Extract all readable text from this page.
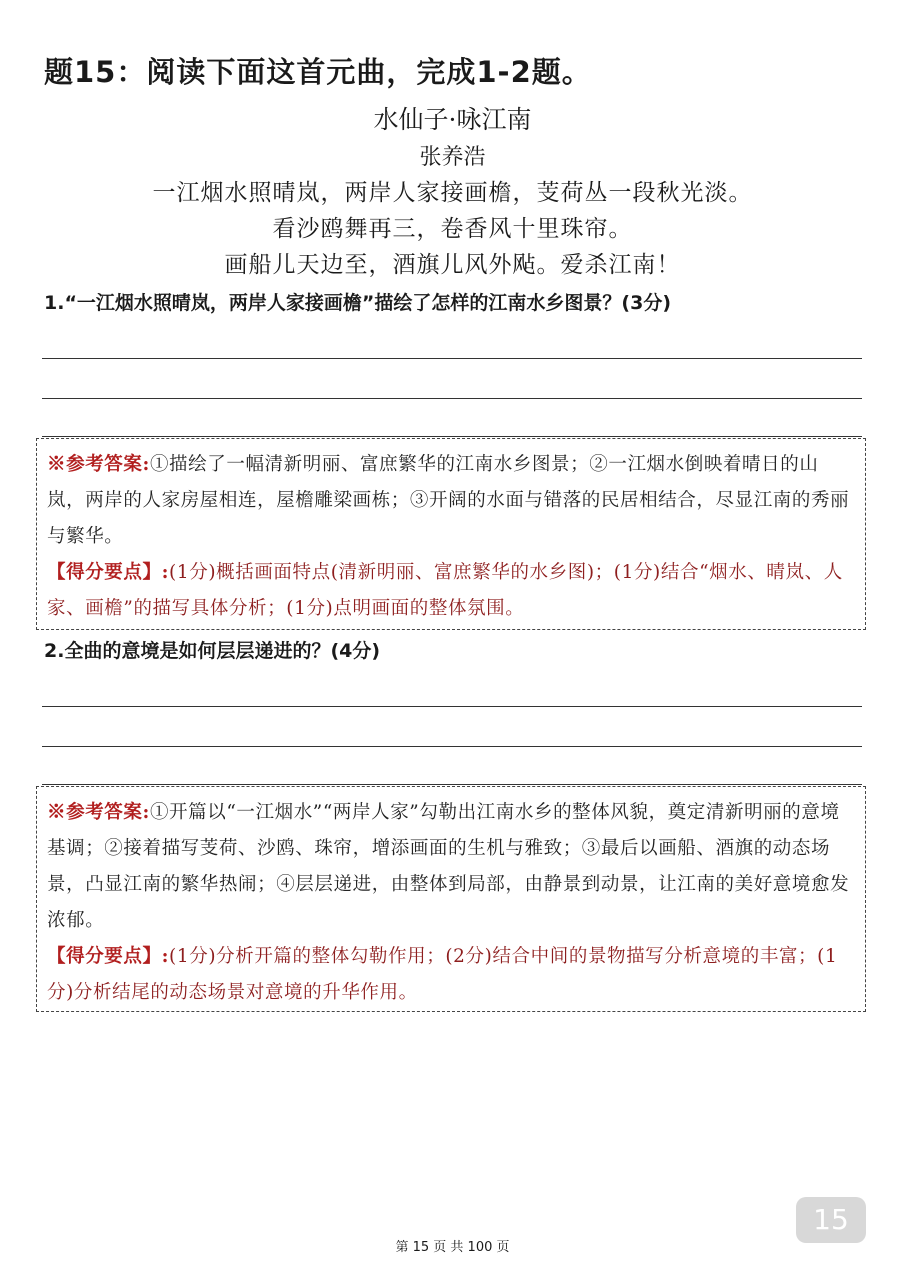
题15：阅读下面这首元曲，完成1-2题。
水仙子·咏江南
张养浩
一江烟水照晴岚，两岸人家接画檐，芰荷丛一段秋光淡。
看沙鸥舞再三，卷香风十里珠帘。
画船儿天边至，酒旗儿风外飐。爱杀江南！
1.“一江烟水照晴岚，两岸人家接画檐”描绘了怎样的江南水乡图景？(3分)
※参考答案:①描绘了一幅清新明丽、富庶繁华的江南水乡图景；②一江烟水倒映着晴日的山岚，两岸的人家房屋相连，屋檐雕梁画栋；③开阔的水面与错落的民居相结合，尽显江南的秀丽与繁华。
【得分要点】:(1分)概括画面特点(清新明丽、富庶繁华的水乡图)；(1分)结合“烟水、晴岚、人家、画檐”的描写具体分析；(1分)点明画面的整体氛围。
2.全曲的意境是如何层层递进的？(4分)
※参考答案:①开篇以“一江烟水”“两岸人家”勾勒出江南水乡的整体风貌，奠定清新明丽的意境基调；②接着描写芰荷、沙鸥、珠帘，增添画面的生机与雅致；③最后以画船、酒旗的动态场景，凸显江南的繁华热闹；④层层递进，由整体到局部，由静景到动景，让江南的美好意境愈发浓郁。
【得分要点】:(1分)分析开篇的整体勾勒作用；(2分)结合中间的景物描写分析意境的丰富；(1分)分析结尾的动态场景对意境的升华作用。
15
第 15 页 共 100 页
